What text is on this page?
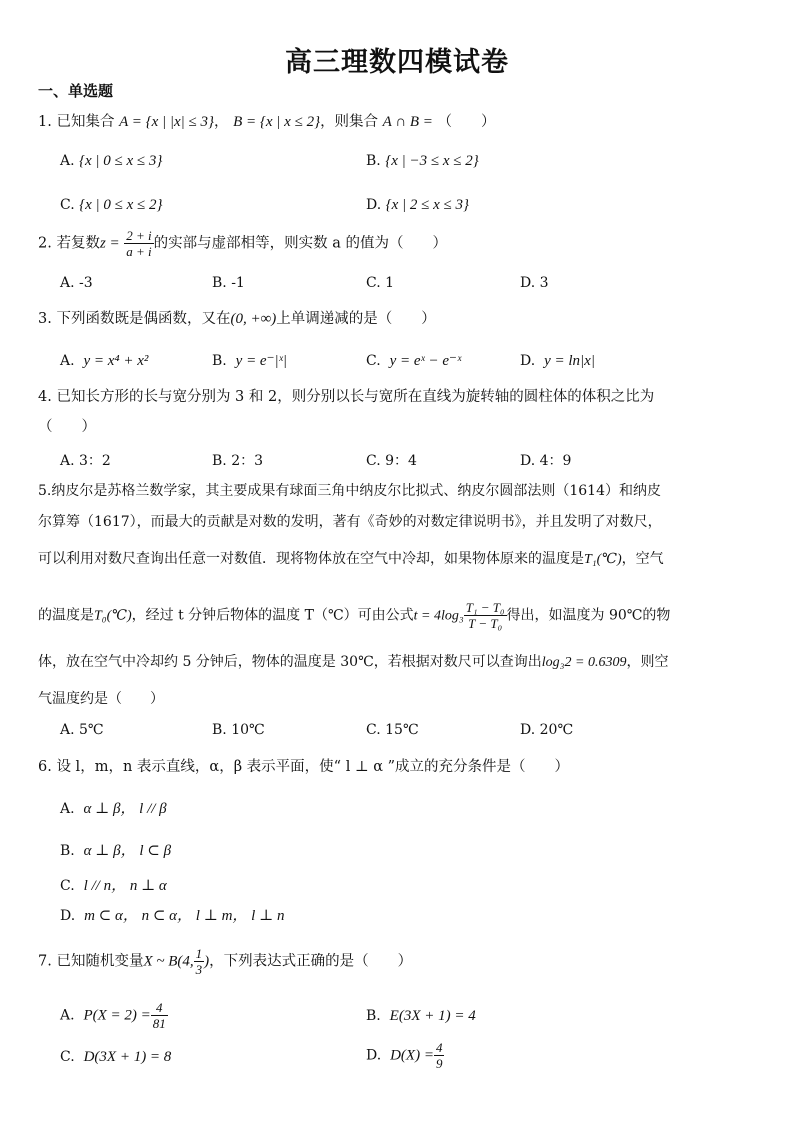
高三理数四模试卷
一、单选题
1. 已知集合 A = {x | |x| ≤ 3}， B = {x | x ≤ 2}，则集合 A ∩ B = （　　）
A. {x | 0 ≤ x ≤ 3}	B. {x | −3 ≤ x ≤ 2}
C. {x | 0 ≤ x ≤ 2}	D. {x | 2 ≤ x ≤ 3}
2. 若复数$z = \frac{2 + i}{a + i}$ 的实部与虚部相等，则实数 a 的值为（　　）
A. -3	B. -1	C. 1	D. 3
3. 下列函数既是偶函数，又在(0, +∞)上单调递减的是（　　）
A. y = x⁴ + x²	B. y = e⁻|ˣ|	C. y = eˣ − e⁻ˣ	D. y = ln|x|
4. 已知长方形的长与宽分别为 3 和 2，则分别以长与宽所在直线为旋转轴的圆柱体的体积之比为
（　　）
A. 3：2	B. 2：3	C. 9：4	D. 4：9
5.纳皮尔是苏格兰数学家，其主要成果有球面三角中纳皮尔比拟式、纳皮尔圆部法则（1614）和纳皮
尔算筹（1617），而最大的贡献是对数的发明，著有《奇妙的对数定律说明书》，并且发明了对数尺，
可以利用对数尺查询出任意一对数值．现将物体放在空气中冷却，如果物体原来的温度是T₁(℃)，空气
的温度是T₀(℃)，经过 t 分钟后物体的温度 T（℃）可由公式$t = 4\log_3 \frac{\text{T₁ − T₀}}{\text{T − T₀}}$ 得出，如温度为 90℃的物
体，放在空气中冷却约 5 分钟后，物体的温度是 30℃，若根据对数尺可以查询出log₃2 = 0.6309，则空
气温度约是（　　）
A. 5℃	B. 10℃	C. 15℃	D. 20℃
6. 设 l，m，n 表示直线，α，β 表示平面，使“ l ⊥ α ”成立的充分条件是（　　）
A. α ⊥ β， l // β
B. α ⊥ β， l ⊂ β
C. l // n， n ⊥ α
D. m ⊂ α， n ⊂ α， l ⊥ m， l ⊥ n
7. 已知随机变量X ~ B(4, $\frac{1}{3}$ )，下列表达式正确的是（　　）
A. $P(X = 2) = \frac{4}{81}$	B. E(3X + 1) = 4
C. D(3X + 1) = 8	D. $D(X) = \frac{4}{9}$
